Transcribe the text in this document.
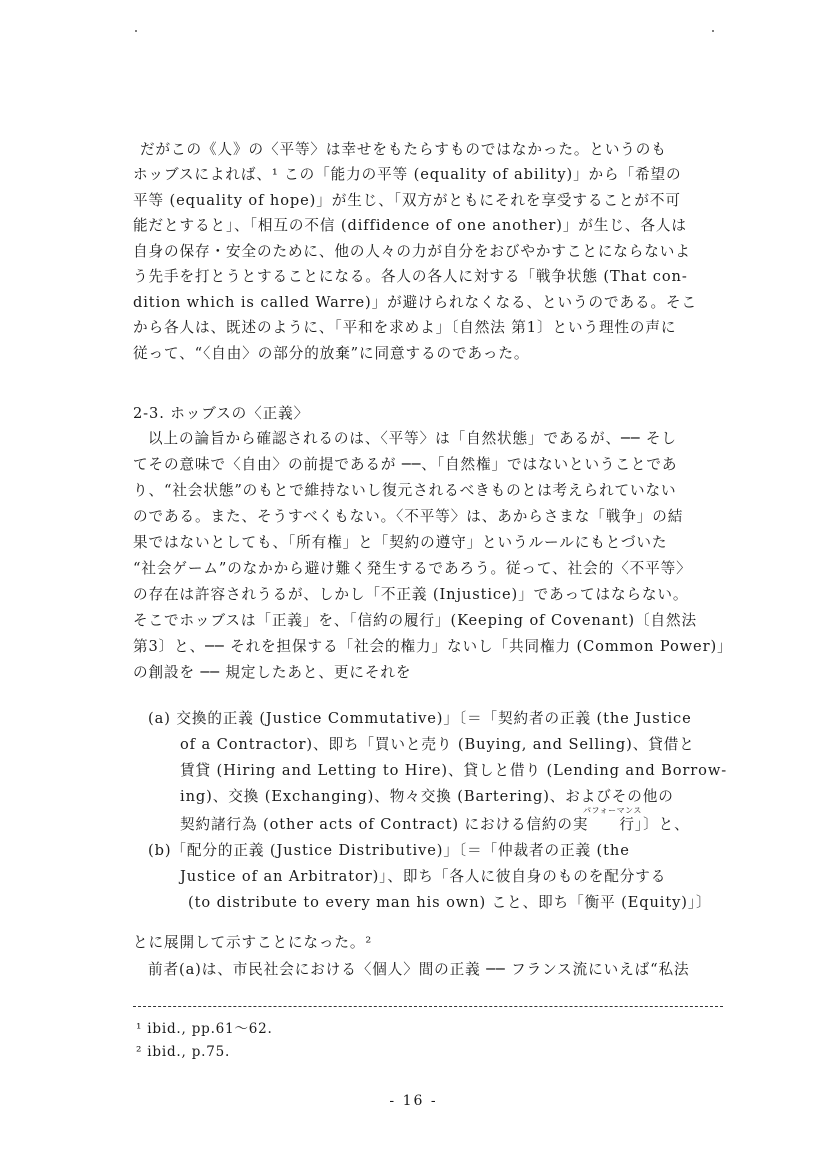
だがこの《人》の〈平等〉は幸せをもたらすものではなかった。というのも
ホッブスによれば、¹ この「能力の平等 (equality of ability)」から「希望の
平等 (equality of hope)」が生じ、「双方がともにそれを享受することが不可
能だとすると」、「相互の不信 (diffidence of one another)」が生じ、各人は
自身の保存・安全のために、他の人々の力が自分をおびやかすことにならないよ
う先手を打とうとすることになる。各人の各人に対する「戦争状態 (That con-
dition which is called Warre)」が避けられなくなる、というのである。そこ
から各人は、既述のように、「平和を求めよ」〔自然法 第1〕という理性の声に
従って、“〈自由〉の部分的放棄”に同意するのであった。
2-3. ホッブスの〈正義〉
以上の論旨から確認されるのは、〈平等〉は「自然状態」であるが、── そし
てその意味で〈自由〉の前提であるが ──、「自然権」ではないということであ
り、“社会状態”のもとで維持ないし復元されるべきものとは考えられていない
のである。また、そうすべくもない。〈不平等〉は、あからさまな「戦争」の結
果ではないとしても、「所有権」と「契約の遵守」というルールにもとづいた
“社会ゲーム”のなかから避け難く発生するであろう。従って、社会的〈不平等〉
の存在は許容されうるが、しかし「不正義 (Injustice)」であってはならない。
そこでホッブスは「正義」を、「信約の履行」(Keeping of Covenant)〔自然法
第3〕と、── それを担保する「社会的権力」ないし「共同権力 (Common Power)」
の創設を ── 規定したあと、更にそれを
(a) 交換的正義 (Justice Commutative)」〔＝「契約者の正義 (the Justice
of a Contractor)、即ち「買いと売り (Buying, and Selling)、貸借と
賃貸 (Hiring and Letting to Hire)、貸しと借り (Lending and Borrow-
ing)、交換 (Exchanging)、物々交換 (Bartering)、およびその他の
パフォーマンス
契約諸行為 (other acts of Contract) における信約の実　　行」〕と、
(b)「配分的正義 (Justice Distributive)」〔＝「仲裁者の正義 (the
Justice of an Arbitrator)」、即ち「各人に彼自身のものを配分する
(to distribute to every man his own) こと、即ち「衡平 (Equity)」〕
とに展開して示すことになった。²
前者(a)は、市民社会における〈個人〉間の正義 ── フランス流にいえば“私法
¹ ibid., pp.61〜62.
² ibid., p.75.
- 16 -
